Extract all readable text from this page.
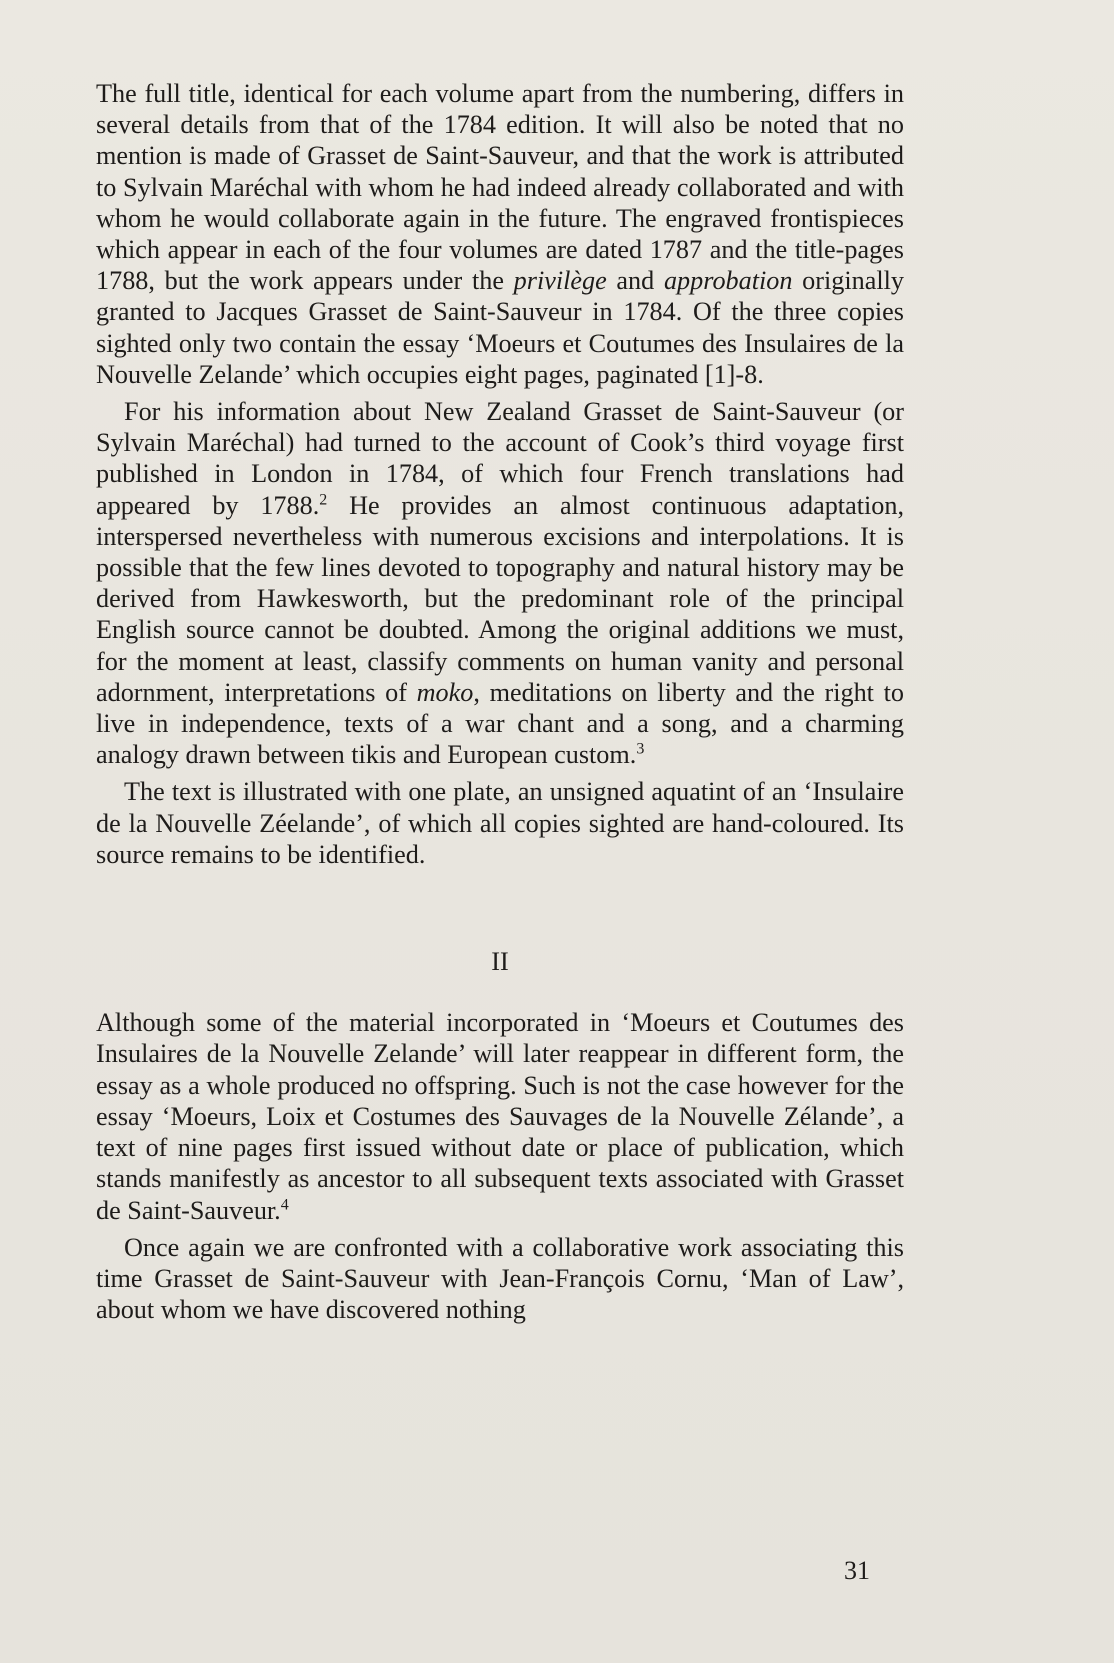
The full title, identical for each volume apart from the numbering, differs in several details from that of the 1784 edition. It will also be noted that no mention is made of Grasset de Saint-Sauveur, and that the work is attributed to Sylvain Maréchal with whom he had indeed already collaborated and with whom he would collaborate again in the future. The engraved frontispieces which appear in each of the four volumes are dated 1787 and the title-pages 1788, but the work appears under the privilège and approbation originally granted to Jacques Grasset de Saint-Sauveur in 1784. Of the three copies sighted only two contain the essay ‘Moeurs et Coutumes des Insulaires de la Nouvelle Zelande’ which occupies eight pages, paginated [1]-8.

For his information about New Zealand Grasset de Saint-Sauveur (or Sylvain Maréchal) had turned to the account of Cook’s third voyage first published in London in 1784, of which four French translations had appeared by 1788.$^2$ He provides an almost continuous adaptation, interspersed nevertheless with numerous excisions and interpolations. It is possible that the few lines devoted to topography and natural history may be derived from Hawkesworth, but the predominant role of the principal English source cannot be doubted. Among the original additions we must, for the moment at least, classify comments on human vanity and personal adornment, interpretations of moko, meditations on liberty and the right to live in independence, texts of a war chant and a song, and a charming analogy drawn between tikis and European custom.$^3$

The text is illustrated with one plate, an unsigned aquatint of an ‘Insulaire de la Nouvelle Zéelande’, of which all copies sighted are hand-coloured. Its source remains to be identified.

II

Although some of the material incorporated in ‘Moeurs et Coutumes des Insulaires de la Nouvelle Zelande’ will later reappear in different form, the essay as a whole produced no offspring. Such is not the case however for the essay ‘Moeurs, Loix et Costumes des Sauvages de la Nouvelle Zélande’, a text of nine pages first issued without date or place of publication, which stands manifestly as ancestor to all subsequent texts associated with Grasset de Saint-Sauveur.$^4$

Once again we are confronted with a collaborative work associating this time Grasset de Saint-Sauveur with Jean-François Cornu, ‘Man of Law’, about whom we have discovered nothing

31
